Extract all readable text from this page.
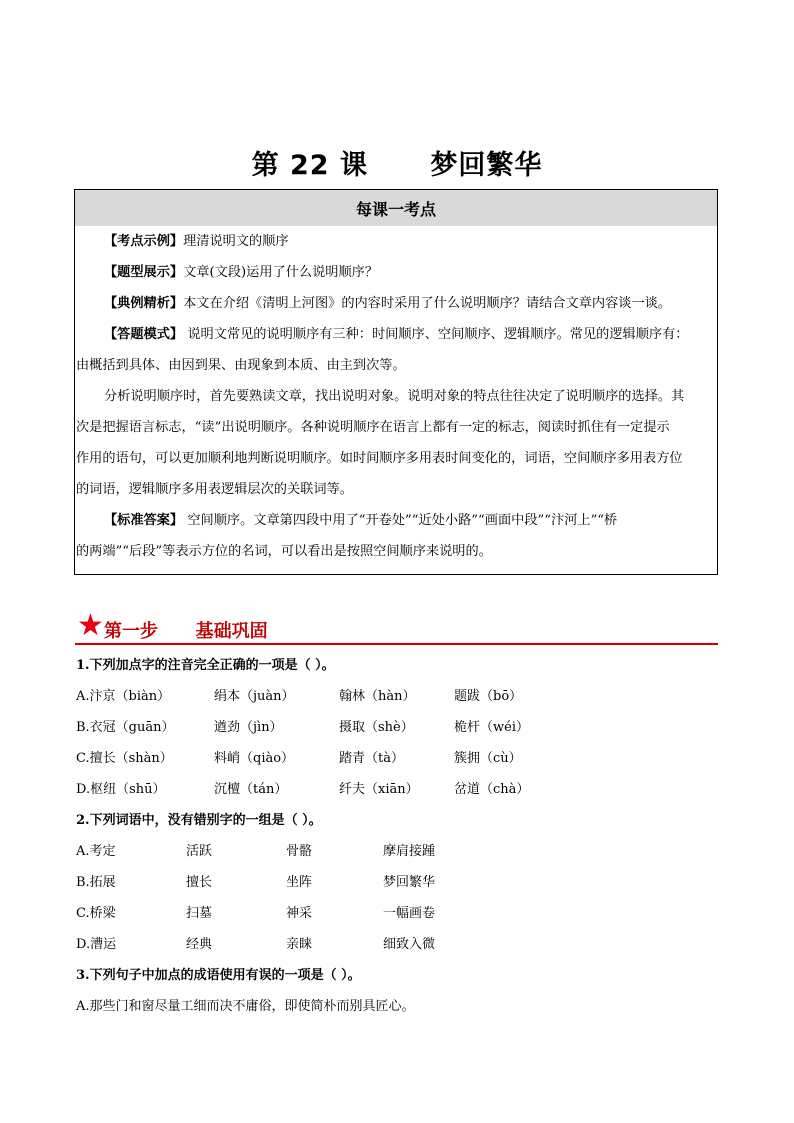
第 22 课      梦回繁华
每课一考点

【考点示例】理清说明文的顺序

【题型展示】文章(文段)运用了什么说明顺序？

【典例精析】本文在介绍《清明上河图》的内容时采用了什么说明顺序？请结合文章内容谈一谈。

【答题模式】 说明文常见的说明顺序有三种：时间顺序、空间顺序、逻辑顺序。常见的逻辑顺序有：

由概括到具体、由因到果、由现象到本质、由主到次等。

分析说明顺序时，首先要熟读文章，找出说明对象。说明对象的特点往往决定了说明顺序的选择。其

次是把握语言标志，“读”出说明顺序。各种说明顺序在语言上都有一定的标志，阅读时抓住有一定提示

作用的语句，可以更加顺利地判断说明顺序。如时间顺序多用表时间变化的，词语，空间顺序多用表方位

的词语，逻辑顺序多用表逻辑层次的关联词等。

【标准答案】 空间顺序。文章第四段中用了“开卷处”“近处小路”“画面中段”“汴河上”“桥

的两端”“后段”等表示方位的名词，可以看出是按照空间顺序来说明的。

★ 第一步      基础巩固
1.下列加点字的注音完全正确的一项是（ ）。
A.汴京（biàn）	绢本（juàn）	翰林（hàn）	题跋（bō）
B.衣冠（guān）	遒劲（jìn）	摄取（shè）	桅杆（wéi）
C.擅长（shàn）	料峭（qiào）	踏青（tà）	簇拥（cù）
D.枢纽（shū）	沉檀（tán）	纤夫（xiān）	岔道（chà）
2.下列词语中，没有错别字的一组是（ ）。
A.考定	活跃	骨骼	摩肩接踵
B.拓展	擅长	坐阵	梦回繁华
C.桥梁	扫墓	神采	一幅画卷
D.漕运	经典	亲睐	细致入微
3.下列句子中加点的成语使用有误的一项是（ ）。
A.那些门和窗尽量工细而决不庸俗，即使简朴而别具匠心。
